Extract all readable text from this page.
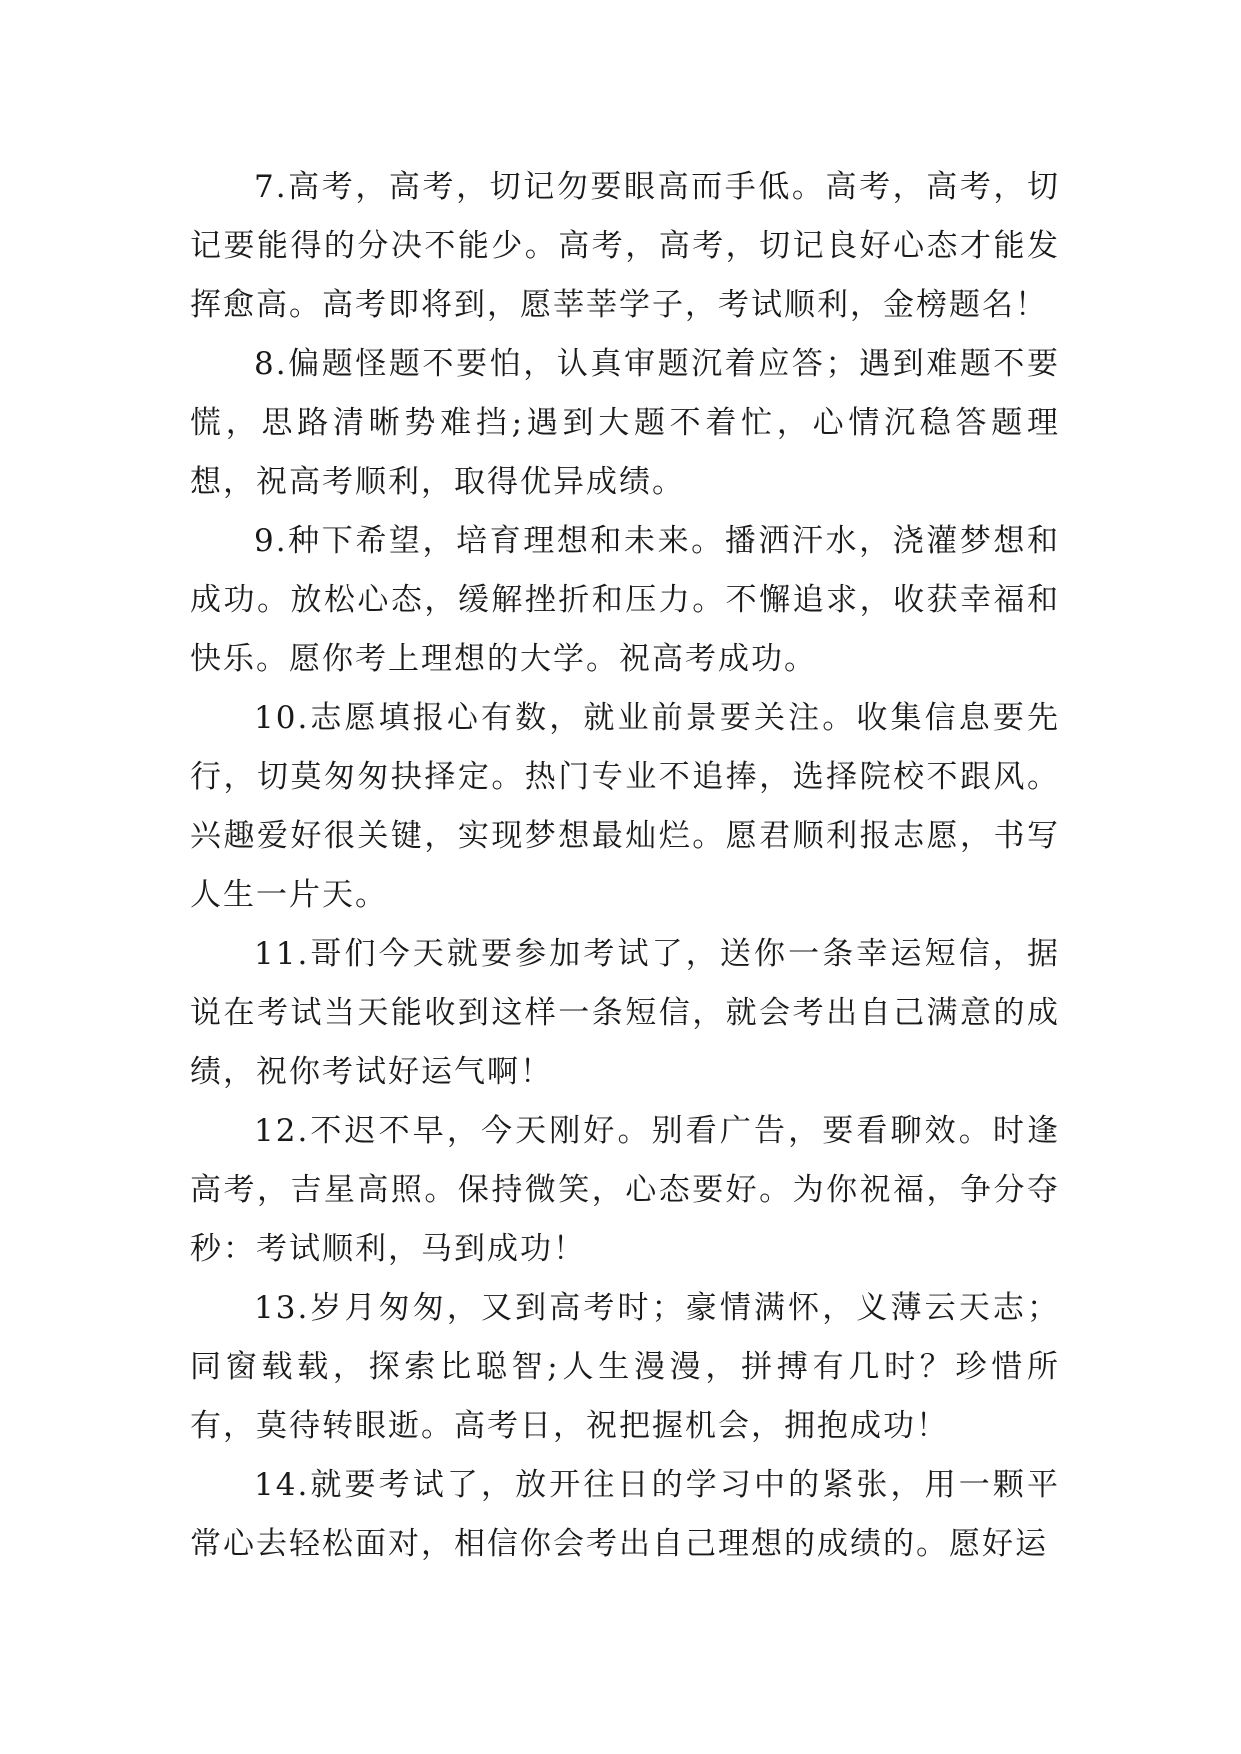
7.高考，高考，切记勿要眼高而手低。高考，高考，切记要能得的分决不能少。高考，高考，切记良好心态才能发挥愈高。高考即将到，愿莘莘学子，考试顺利，金榜题名！

8.偏题怪题不要怕，认真审题沉着应答；遇到难题不要慌，思路清晰势难挡;遇到大题不着忙，心情沉稳答题理想，祝高考顺利，取得优异成绩。

9.种下希望，培育理想和未来。播洒汗水，浇灌梦想和成功。放松心态，缓解挫折和压力。不懈追求，收获幸福和快乐。愿你考上理想的大学。祝高考成功。

10.志愿填报心有数，就业前景要关注。收集信息要先行，切莫匆匆抉择定。热门专业不追捧，选择院校不跟风。兴趣爱好很关键，实现梦想最灿烂。愿君顺利报志愿，书写人生一片天。

11.哥们今天就要参加考试了，送你一条幸运短信，据说在考试当天能收到这样一条短信，就会考出自己满意的成绩，祝你考试好运气啊！

12.不迟不早，今天刚好。别看广告，要看聊效。时逢高考，吉星高照。保持微笑，心态要好。为你祝福，争分夺秒：考试顺利，马到成功！

13.岁月匆匆，又到高考时；豪情满怀，义薄云天志；同窗载载，探索比聪智;人生漫漫，拼搏有几时？珍惜所有，莫待转眼逝。高考日，祝把握机会，拥抱成功！

14.就要考试了，放开往日的学习中的紧张，用一颗平常心去轻松面对，相信你会考出自己理想的成绩的。愿好运
